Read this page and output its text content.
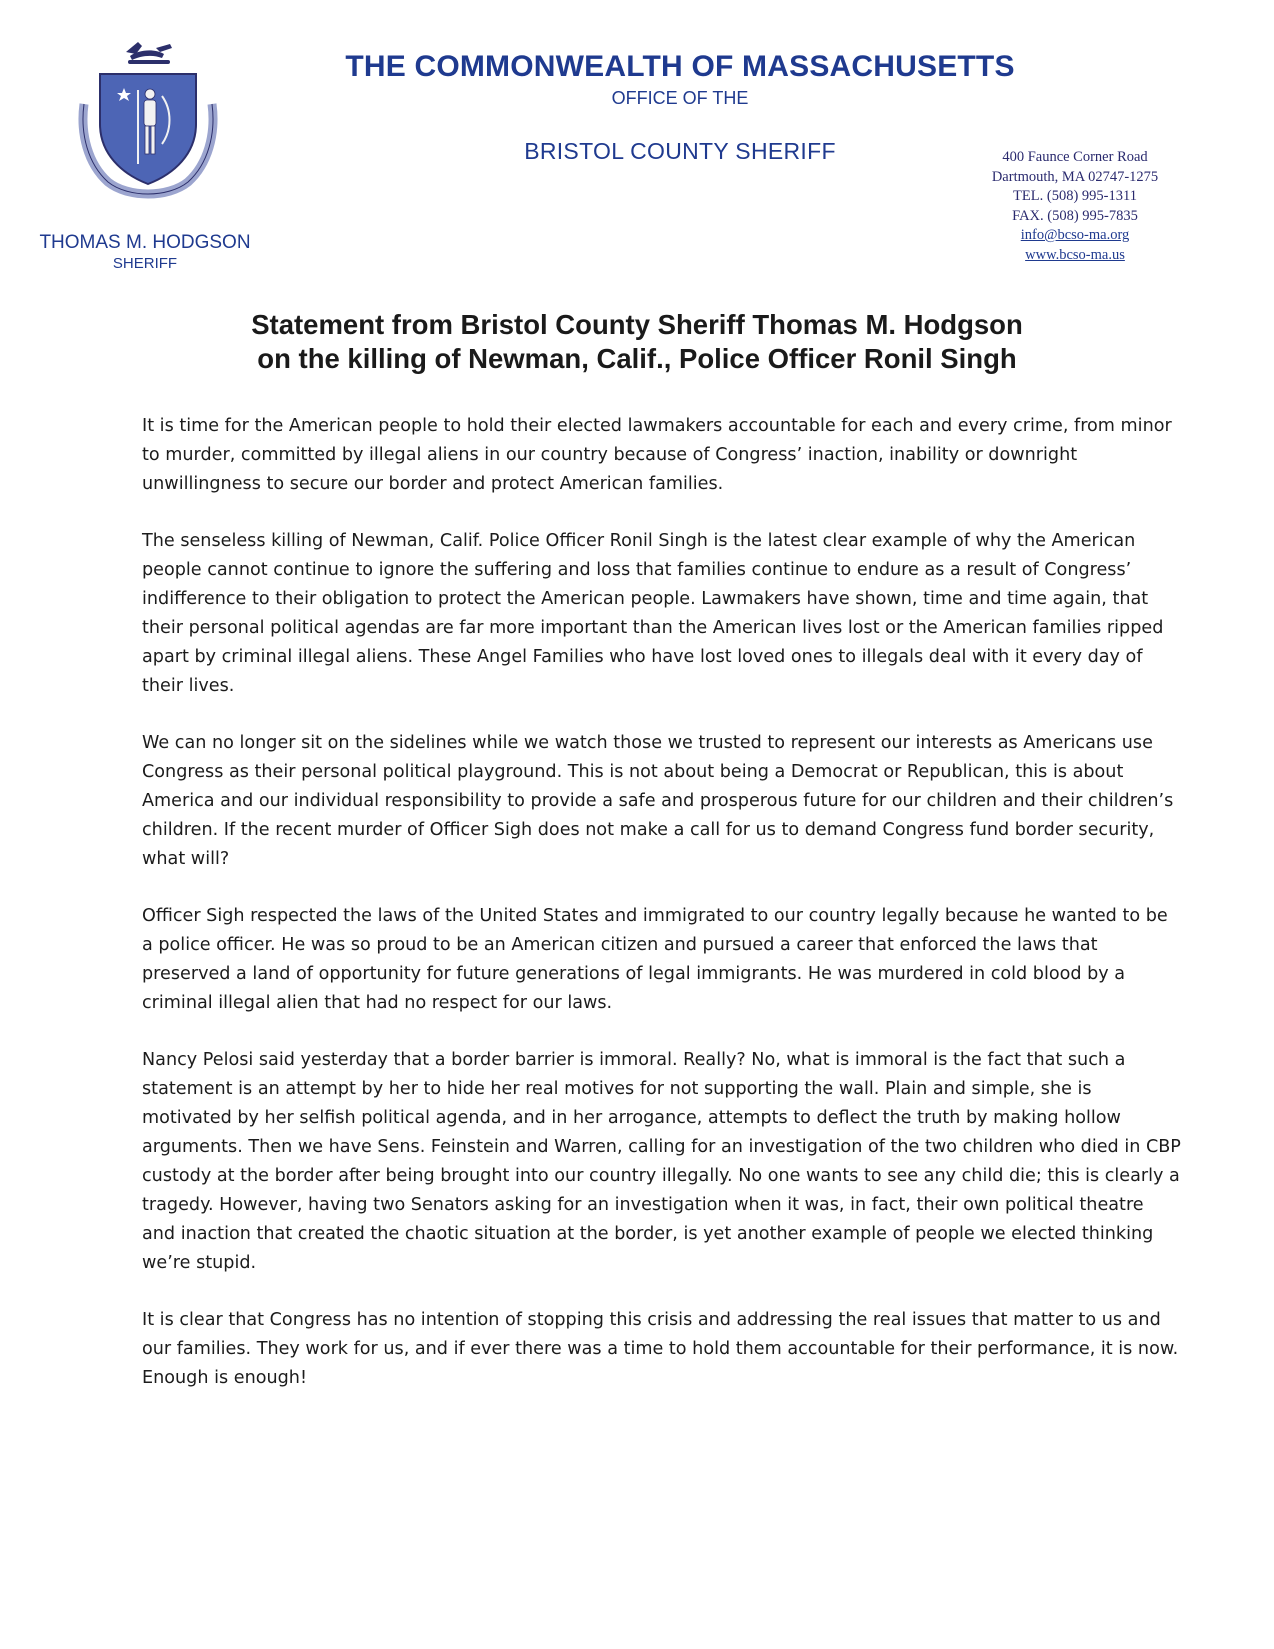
THE COMMONWEALTH OF MASSACHUSETTS
OFFICE OF THE
BRISTOL COUNTY SHERIFF
THOMAS M. HODGSON
SHERIFF
400 Faunce Corner Road
Dartmouth, MA 02747-1275
TEL. (508) 995-1311
FAX. (508) 995-7835
info@bcso-ma.org
www.bcso-ma.us
Statement from Bristol County Sheriff Thomas M. Hodgson
on the killing of Newman, Calif., Police Officer Ronil Singh

It is time for the American people to hold their elected lawmakers accountable for each and every crime, from minor to murder, committed by illegal aliens in our country because of Congress’ inaction, inability or downright unwillingness to secure our border and protect American families.

The senseless killing of Newman, Calif. Police Officer Ronil Singh is the latest clear example of why the American people cannot continue to ignore the suffering and loss that families continue to endure as a result of Congress’ indifference to their obligation to protect the American people. Lawmakers have shown, time and time again, that their personal political agendas are far more important than the American lives lost or the American families ripped apart by criminal illegal aliens. These Angel Families who have lost loved ones to illegals deal with it every day of their lives.

We can no longer sit on the sidelines while we watch those we trusted to represent our interests as Americans use Congress as their personal political playground. This is not about being a Democrat or Republican, this is about America and our individual responsibility to provide a safe and prosperous future for our children and their children’s children. If the recent murder of Officer Sigh does not make a call for us to demand Congress fund border security, what will?

Officer Sigh respected the laws of the United States and immigrated to our country legally because he wanted to be a police officer. He was so proud to be an American citizen and pursued a career that enforced the laws that preserved a land of opportunity for future generations of legal immigrants. He was murdered in cold blood by a criminal illegal alien that had no respect for our laws.

Nancy Pelosi said yesterday that a border barrier is immoral. Really? No, what is immoral is the fact that such a statement is an attempt by her to hide her real motives for not supporting the wall. Plain and simple, she is motivated by her selfish political agenda, and in her arrogance, attempts to deflect the truth by making hollow arguments. Then we have Sens. Feinstein and Warren, calling for an investigation of the two children who died in CBP custody at the border after being brought into our country illegally. No one wants to see any child die; this is clearly a tragedy. However, having two Senators asking for an investigation when it was, in fact, their own political theatre and inaction that created the chaotic situation at the border, is yet another example of people we elected thinking we’re stupid.

It is clear that Congress has no intention of stopping this crisis and addressing the real issues that matter to us and our families. They work for us, and if ever there was a time to hold them accountable for their performance, it is now. Enough is enough!
